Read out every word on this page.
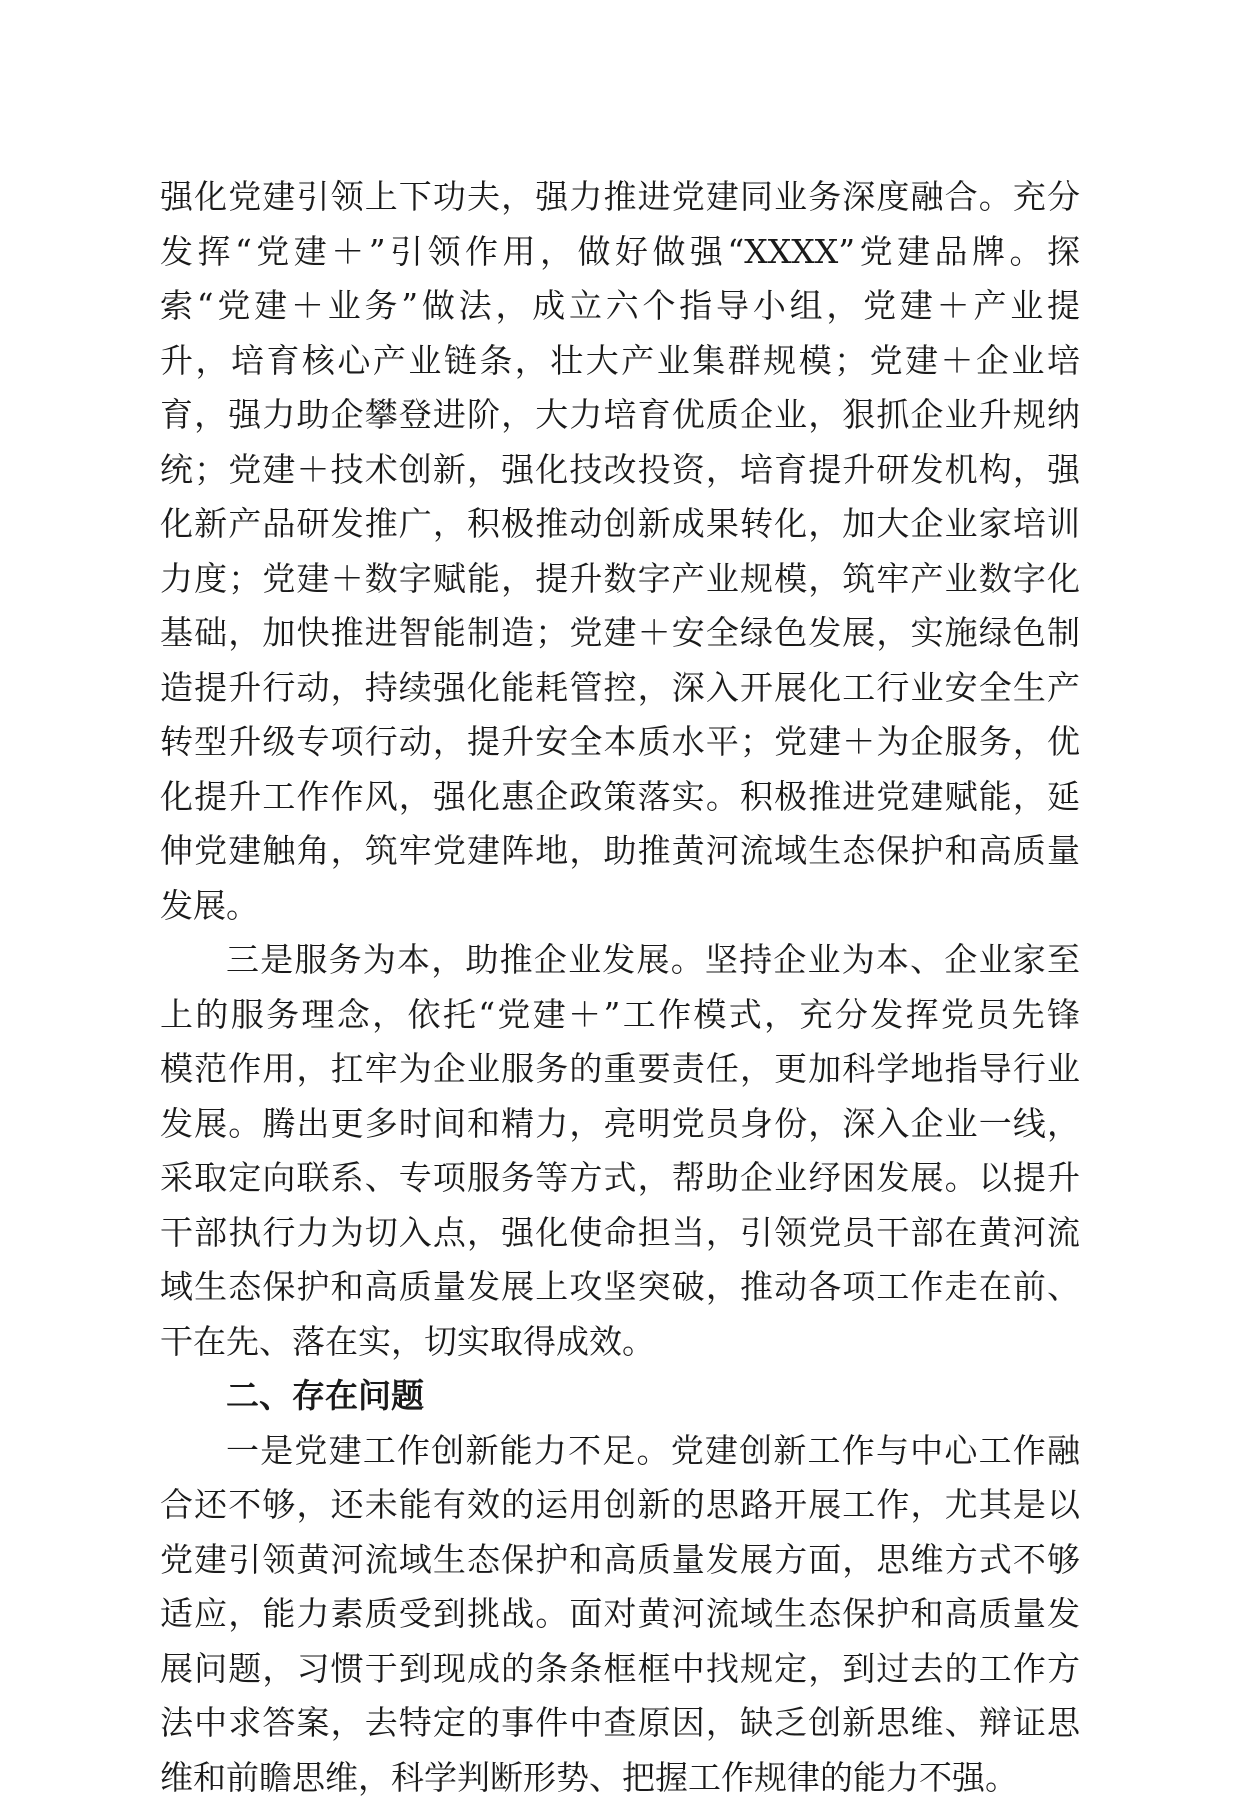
强化党建引领上下功夫，强力推进党建同业务深度融合。充分

发挥“党建＋”引领作用，做好做强“XXXX”党建品牌。探

索“党建＋业务”做法，成立六个指导小组，党建＋产业提

升，培育核心产业链条，壮大产业集群规模；党建＋企业培

育，强力助企攀登进阶，大力培育优质企业，狠抓企业升规纳

统；党建＋技术创新，强化技改投资，培育提升研发机构，强

化新产品研发推广，积极推动创新成果转化，加大企业家培训

力度；党建＋数字赋能，提升数字产业规模，筑牢产业数字化

基础，加快推进智能制造；党建＋安全绿色发展，实施绿色制

造提升行动，持续强化能耗管控，深入开展化工行业安全生产

转型升级专项行动，提升安全本质水平；党建＋为企服务，优

化提升工作作风，强化惠企政策落实。积极推进党建赋能，延

伸党建触角，筑牢党建阵地，助推黄河流域生态保护和高质量

发展。

三是服务为本，助推企业发展。坚持企业为本、企业家至

上的服务理念，依托“党建＋”工作模式，充分发挥党员先锋

模范作用，扛牢为企业服务的重要责任，更加科学地指导行业

发展。腾出更多时间和精力，亮明党员身份，深入企业一线，

采取定向联系、专项服务等方式，帮助企业纾困发展。以提升

干部执行力为切入点，强化使命担当，引领党员干部在黄河流

域生态保护和高质量发展上攻坚突破，推动各项工作走在前、

干在先、落在实，切实取得成效。

二、存在问题

一是党建工作创新能力不足。党建创新工作与中心工作融

合还不够，还未能有效的运用创新的思路开展工作，尤其是以

党建引领黄河流域生态保护和高质量发展方面，思维方式不够

适应，能力素质受到挑战。面对黄河流域生态保护和高质量发

展问题，习惯于到现成的条条框框中找规定，到过去的工作方

法中求答案，去特定的事件中查原因，缺乏创新思维、辩证思

维和前瞻思维，科学判断形势、把握工作规律的能力不强。
